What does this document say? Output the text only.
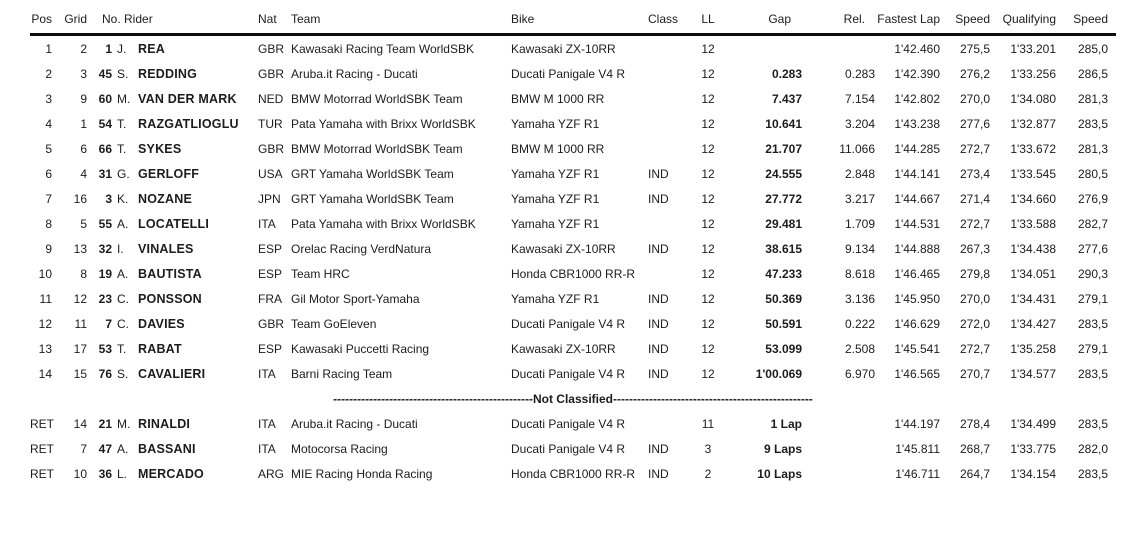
Pos	Grid	No. Rider		Nat	Team	Bike	Class	LL	Gap	Rel.	Fastest Lap	Speed	Qualifying	Speed
1	2	1	J. REA	GBR	Kawasaki Racing Team WorldSBK	Kawasaki ZX-10RR		12			1'42.460	275,5	1'33.201	285,0
2	3	45	S. REDDING	GBR	Aruba.it Racing - Ducati	Ducati Panigale V4 R		12	0.283	0.283	1'42.390	276,2	1'33.256	286,5
3	9	60	M. VAN DER MARK	NED	BMW Motorrad WorldSBK Team	BMW M 1000 RR		12	7.437	7.154	1'42.802	270,0	1'34.080	281,3
4	1	54	T. RAZGATLIOGLU	TUR	Pata Yamaha with Brixx WorldSBK	Yamaha YZF R1		12	10.641	3.204	1'43.238	277,6	1'32.877	283,5
5	6	66	T. SYKES	GBR	BMW Motorrad WorldSBK Team	BMW M 1000 RR		12	21.707	11.066	1'44.285	272,7	1'33.672	281,3
6	4	31	G. GERLOFF	USA	GRT Yamaha WorldSBK Team	Yamaha YZF R1	IND	12	24.555	2.848	1'44.141	273,4	1'33.545	280,5
7	16	3	K. NOZANE	JPN	GRT Yamaha WorldSBK Team	Yamaha YZF R1	IND	12	27.772	3.217	1'44.667	271,4	1'34.660	276,9
8	5	55	A. LOCATELLI	ITA	Pata Yamaha with Brixx WorldSBK	Yamaha YZF R1		12	29.481	1.709	1'44.531	272,7	1'33.588	282,7
9	13	32	I. VINALES	ESP	Orelac Racing VerdNatura	Kawasaki ZX-10RR	IND	12	38.615	9.134	1'44.888	267,3	1'34.438	277,6
10	8	19	A. BAUTISTA	ESP	Team HRC	Honda CBR1000 RR-R		12	47.233	8.618	1'46.465	279,8	1'34.051	290,3
11	12	23	C. PONSSON	FRA	Gil Motor Sport-Yamaha	Yamaha YZF R1	IND	12	50.369	3.136	1'45.950	270,0	1'34.431	279,1
12	11	7	C. DAVIES	GBR	Team GoEleven	Ducati Panigale V4 R	IND	12	50.591	0.222	1'46.629	272,0	1'34.427	283,5
13	17	53	T. RABAT	ESP	Kawasaki Puccetti Racing	Kawasaki ZX-10RR	IND	12	53.099	2.508	1'45.541	272,7	1'35.258	279,1
14	15	76	S. CAVALIERI	ITA	Barni Racing Team	Ducati Panigale V4 R	IND	12	1'00.069	6.970	1'46.565	270,7	1'34.577	283,5
--------------------------------------------------Not Classified--------------------------------------------------														
RET	14	21	M. RINALDI	ITA	Aruba.it Racing - Ducati	Ducati Panigale V4 R		11	1 Lap		1'44.197	278,4	1'34.499	283,5
RET	7	47	A. BASSANI	ITA	Motocorsa Racing	Ducati Panigale V4 R	IND	3	9 Laps		1'45.811	268,7	1'33.775	282,0
RET	10	36	L. MERCADO	ARG	MIE Racing Honda Racing	Honda CBR1000 RR-R	IND	2	10 Laps		1'46.711	264,7	1'34.154	283,5
